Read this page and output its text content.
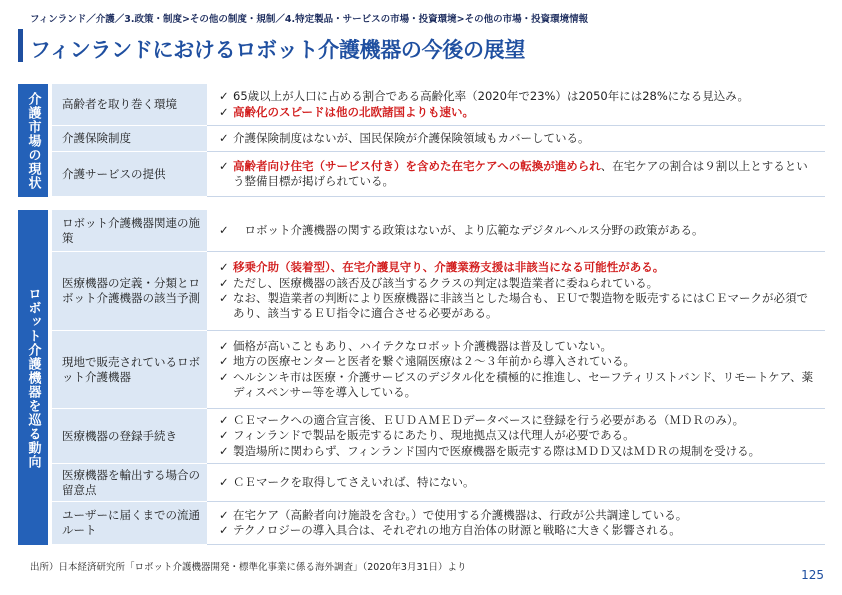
フィンランド／介護／3.政策・制度>その他の制度・規制／4.特定製品・サービスの市場・投資環境>その他の市場・投資環境情報
フィンランドにおけるロボット介護機器の今後の展望
介護市場の現状	高齢者を取り巻く環境
✓ 65歳以上が人口に占める割合である高齢化率（2020年で23%）は2050年には28%になる見込み。
✓ 高齢化のスピードは他の北欧諸国よりも速い。
介護保険制度	✓ 介護保険制度はないが、国民保険が介護保険領域もカバーしている。
介護サービスの提供
✓ 高齢者向け住宅（サービス付き）を含めた在宅ケアへの転換が進められ、在宅ケアの割合は９割以上とするという整備目標が掲げられている。
ロボット介護機器を巡る動向
ロボット介護機器関連の施策
✓ 　ロボット介護機器の関する政策はないが、より広範なデジタルヘルス分野の政策がある。
医療機器の定義・分類とロボット介護機器の該当予測
✓ 移乗介助（装着型）、在宅介護見守り、介護業務支援は非該当になる可能性がある。
✓ ただし、医療機器の該否及び該当するクラスの判定は製造業者に委ねられている。
✓ なお、製造業者の判断により医療機器に非該当とした場合も、ＥＵで製造物を販売するにはＣＥマークが必須であり、該当するＥＵ指令に適合させる必要がある。
現地で販売されているロボット介護機器
✓ 価格が高いこともあり、ハイテクなロボット介護機器は普及していない。
✓ 地方の医療センターと医者を繋ぐ遠隔医療は２～３年前から導入されている。
✓ ヘルシンキ市は医療・介護サービスのデジタル化を積極的に推進し、セーフティリストバンド、リモートケア、薬ディスペンサー等を導入している。
医療機器の登録手続き
✓ ＣＥマークへの適合宣言後、ＥＵＤＡＭＥＤデータベースに登録を行う必要がある（ＭＤＲのみ）。
✓ フィンランドで製品を販売するにあたり、現地拠点又は代理人が必要である。
✓ 製造場所に関わらず、フィンランド国内で医療機器を販売する際はＭＤＤ又はＭＤＲの規制を受ける。
医療機器を輸出する場合の留意点
✓ ＣＥマークを取得してさえいれば、特にない。
ユーザーに届くまでの流通ルート
✓ 在宅ケア（高齢者向け施設を含む。）で使用する介護機器は、行政が公共調達している。
✓ テクノロジーの導入具合は、それぞれの地方自治体の財源と戦略に大きく影響される。
出所）日本経済研究所「ロボット介護機器開発・標準化事業に係る海外調査」（2020年3月31日）より
125
